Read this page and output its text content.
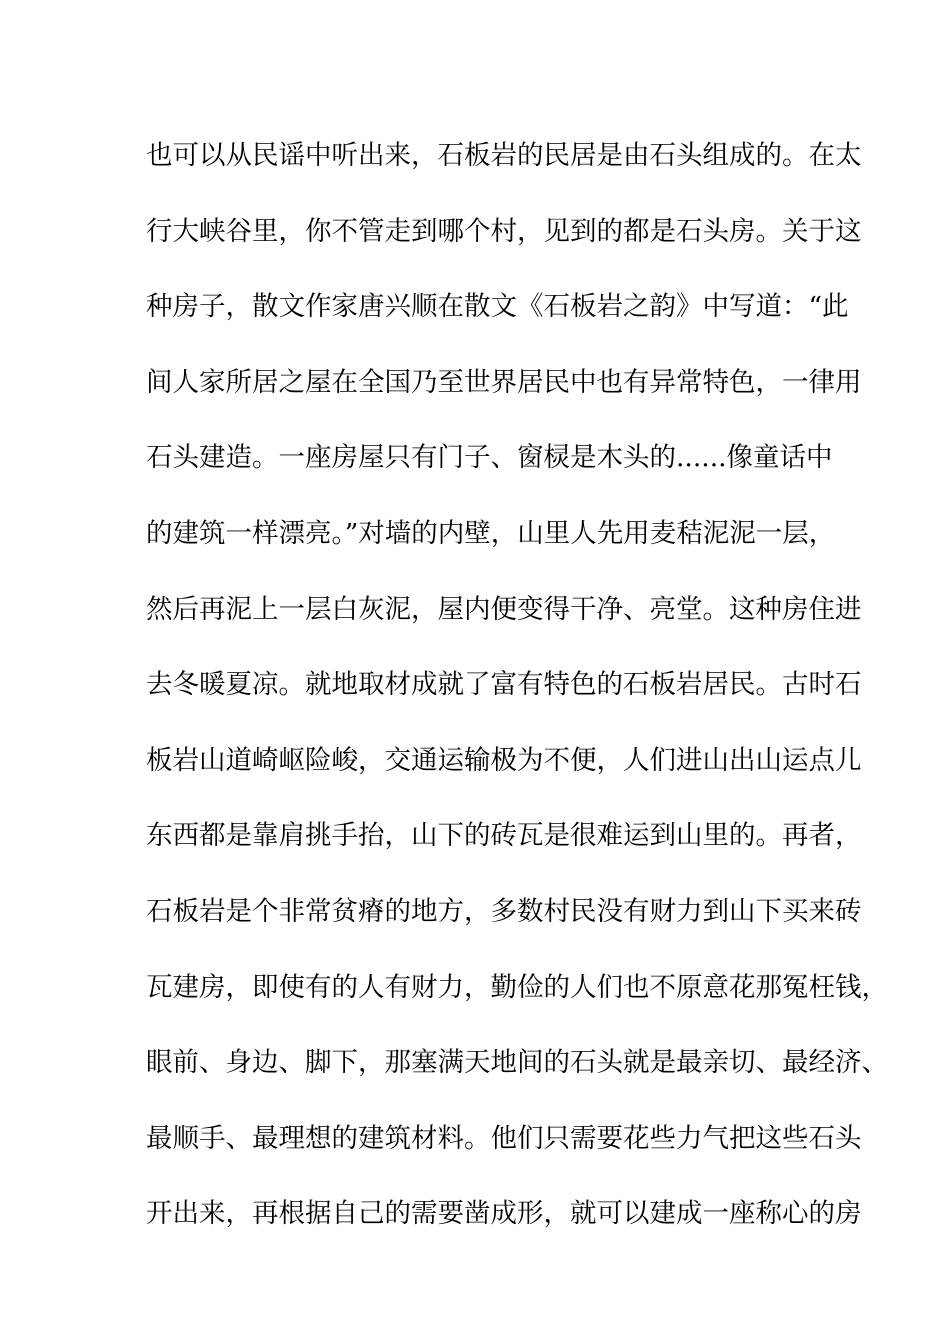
也可以从民谣中听出来，石板岩的民居是由石头组成的。在太
行大峡谷里，你不管走到哪个村，见到的都是石头房。关于这
种房子，散文作家唐兴顺在散文《石板岩之韵》中写道：“此
间人家所居之屋在全国乃至世界居民中也有异常特色，一律用
石头建造。一座房屋只有门子、窗棂是木头的......像童话中
的建筑一样漂亮。”对墙的内壁，山里人先用麦秸泥泥一层，
然后再泥上一层白灰泥，屋内便变得干净、亮堂。这种房住进
去冬暖夏凉。就地取材成就了富有特色的石板岩居民。古时石
板岩山道崎岖险峻，交通运输极为不便，人们进山出山运点儿
东西都是靠肩挑手抬，山下的砖瓦是很难运到山里的。再者，
石板岩是个非常贫瘠的地方，多数村民没有财力到山下买来砖
瓦建房，即使有的人有财力，勤俭的人们也不原意花那冤枉钱，
眼前、身边、脚下，那塞满天地间的石头就是最亲切、最经济、
最顺手、最理想的建筑材料。他们只需要花些力气把这些石头
开出来，再根据自己的需要凿成形，就可以建成一座称心的房
